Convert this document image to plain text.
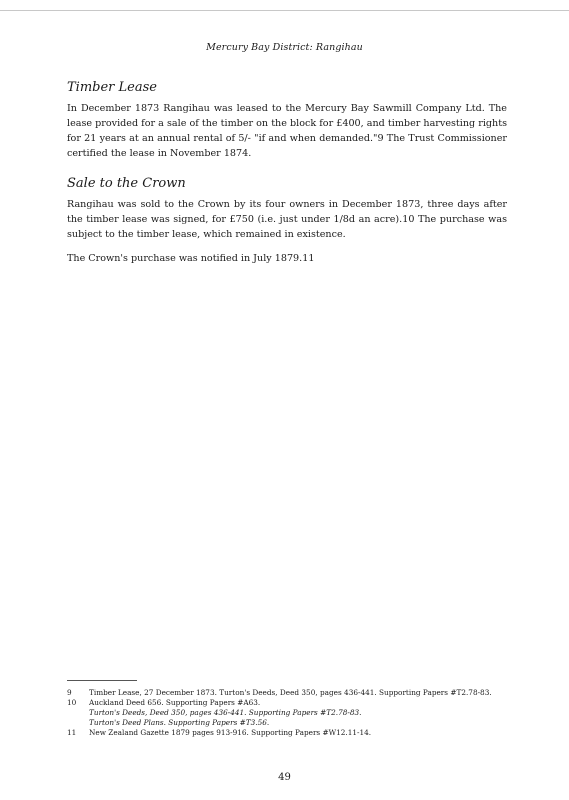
Mercury Bay District: Rangihau
Timber Lease

In December 1873 Rangihau was leased to the Mercury Bay Sawmill Company Ltd. The lease provided for a sale of the timber on the block for £400, and timber harvesting rights for 21 years at an annual rental of 5/- "if and when demanded."9 The Trust Commissioner certified the lease in November 1874.

Sale to the Crown

Rangihau was sold to the Crown by its four owners in December 1873, three days after the timber lease was signed, for £750 (i.e. just under 1/8d an acre).10 The purchase was subject to the timber lease, which remained in existence.

The Crown's purchase was notified in July 1879.11

9	Timber Lease, 27 December 1873. Turton's Deeds, Deed 350, pages 436-441. Supporting Papers #T2.78-83.
10	Auckland Deed 656. Supporting Papers #A63.
Turton's Deeds, Deed 350, pages 436-441. Supporting Papers #T2.78-83.
Turton's Deed Plans. Supporting Papers #T3.56.
11	New Zealand Gazette 1879 pages 913-916. Supporting Papers #W12.11-14.
49
